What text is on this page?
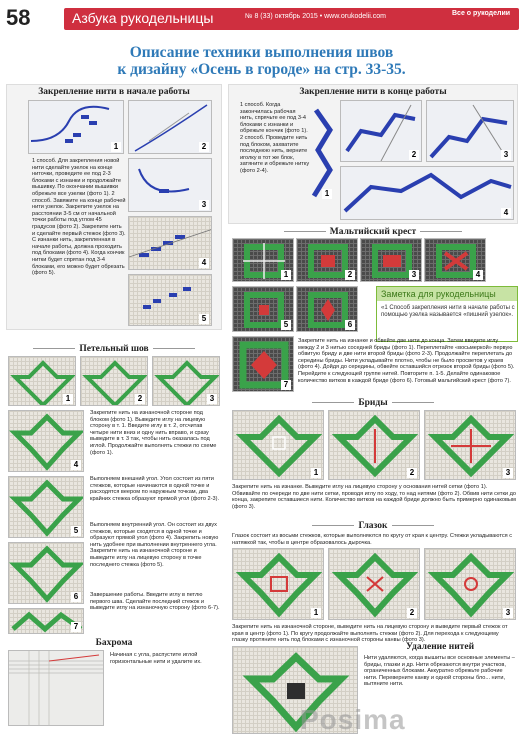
58	Азбука рукодельницы	№ 8 (33) октябрь 2015 • www.orukodelii.com	Все о рукоделии
Описание техники выполнения швов
к дизайну «Осень в городе» на стр. 33-35.
Закрепление нити в начале работы
1	2
1 способ. Для закрепления новой нити сделайте узелок на конце ниточки, проведите ее под 2-3 блоками с изнанки и продолжайте вышивку. По окончании вышивки обрежьте все узелки (фото 1). 2 способ. Завяжите на конце рабочей нити узелок. Закрепите узелок на расстоянии 3-5 см от начальной точки работы под углом 45 градусов (фото 2). Закрепите нить и сделайте первый стежок (фото 3). С изнанки нить, закрепленная в начале работы, должна проходить под блоками (фото 4). Когда кончик нитки будет спрятан под 3-4 блоками, его можно будет обрезать (фото 5).
3
4
5
Закрепление нити в конце работы
1 способ. Когда закончилась рабочая нить, спрячьте ее под 3-4 блоками с изнанки и обрежьте кончик (фото 1). 2 способ. Проведите нить под блоком, захватите последнюю нить, верните иголку в тот же блок, затяните и обрежьте нитку (фото 2-4).
1
2	3
4
Мальтийский крест
1	2	3	4
5	6
Заметка для рукодельницы
«1 Способ закрепления нити в начале работы с помощью узелка называется «пишний узелок».
7
Закрепите нить на изнанке и обвейте две нити до конца. Затем введите иглу между 2 и 3 нитью соседней бриды (фото 1). Переплетайте «восьмеркой» первую обвитую бриду и две нити второй бриды (фото 2-3). Продолжайте переплетать до середины бриды. Нити укладывайте плотно, чтобы не было просветов у краев (фото 4). Дойдя до середины, обвейте оставшийся отрезок второй бриды (фото 5). Перейдите к следующей группе нитей. Повторите п. 1-5. Делайте одинаковое количество витков в каждой бриде (фото 6). Готовый мальтийский крест (фото 7).
Петельный шов
1	2	3
4
5
6
7
Закрепите нить на изнаночной стороне под блоком (фото 1). Выведите иглу на лицевую сторону в т. 1. Введите иглу в т. 2, отсчитав четыре нити вниз и одну нить вправо, и сразу выведите в т. 3 так, чтобы нить оказалась под иглой. Продолжайте выполнять стежки по схеме (фото 1).
Выполняем внешний угол. Угол состоит из пяти стежков, которые начинаются в одной точке и расходятся веером по наружным точкам, два крайних стежка образуют прямой угол (фото 2-3).
Выполняем внутренний угол. Он состоит из двух стежков, которые сходятся в одной точке и образуют прямой угол (фото 4). Закрепить новую нить удобнее при выполнении внутреннего угла. Закрепите нить на изнаночной стороне и выведите иглу на лицевую сторону в точке последнего стежка (фото 5).
Завершение работы. Введите иглу в петлю первого шва. Сделайте последний стежок и выведите иглу на изнаночную сторону (фото 6-7).
Бахрома
Начиная с угла, распустите иглой горизонтальные нити и удалите их.
Бриды
1	2	3
Закрепите нить на изнанке. Выведите иглу на лицевую сторону у основания нитей сетки (фото 1). Обвивайте по очереди по две нити сетки, проводя иглу по ходу, то над нитями (фото 2). Обвив нити сетки до конца, закрепите оставшиеся нити. Количество витков на каждой бриде должно быть примерно одинаковым (фото 3).
Глазок
Глазок состоит из восьми стежков, которые выполняются по кругу от края к центру. Стежки укладываются с натяжкой так, чтобы в центре образовалось дырочка.
1	2	3
Закрепите нить на изнаночной стороне, выведите нить на лицевую сторону и выведите первый стежок от края в центр (фото 1). По кругу продолжайте выполнять стежки (фото 2). Для перехода к следующему глазку протяните нить под блоками с изнаночной стороны канвы (фото 3).
Удаление нитей
Нити удаляются, когда вышиты все основные элементы – бриды, глазки и др. Нити обрезаются внутри участков, ограниченных блоками. Аккуратно обрежьте рабочие нити. Переверните канву и одной стороны бло... нити, вытяните нити.
Posima
